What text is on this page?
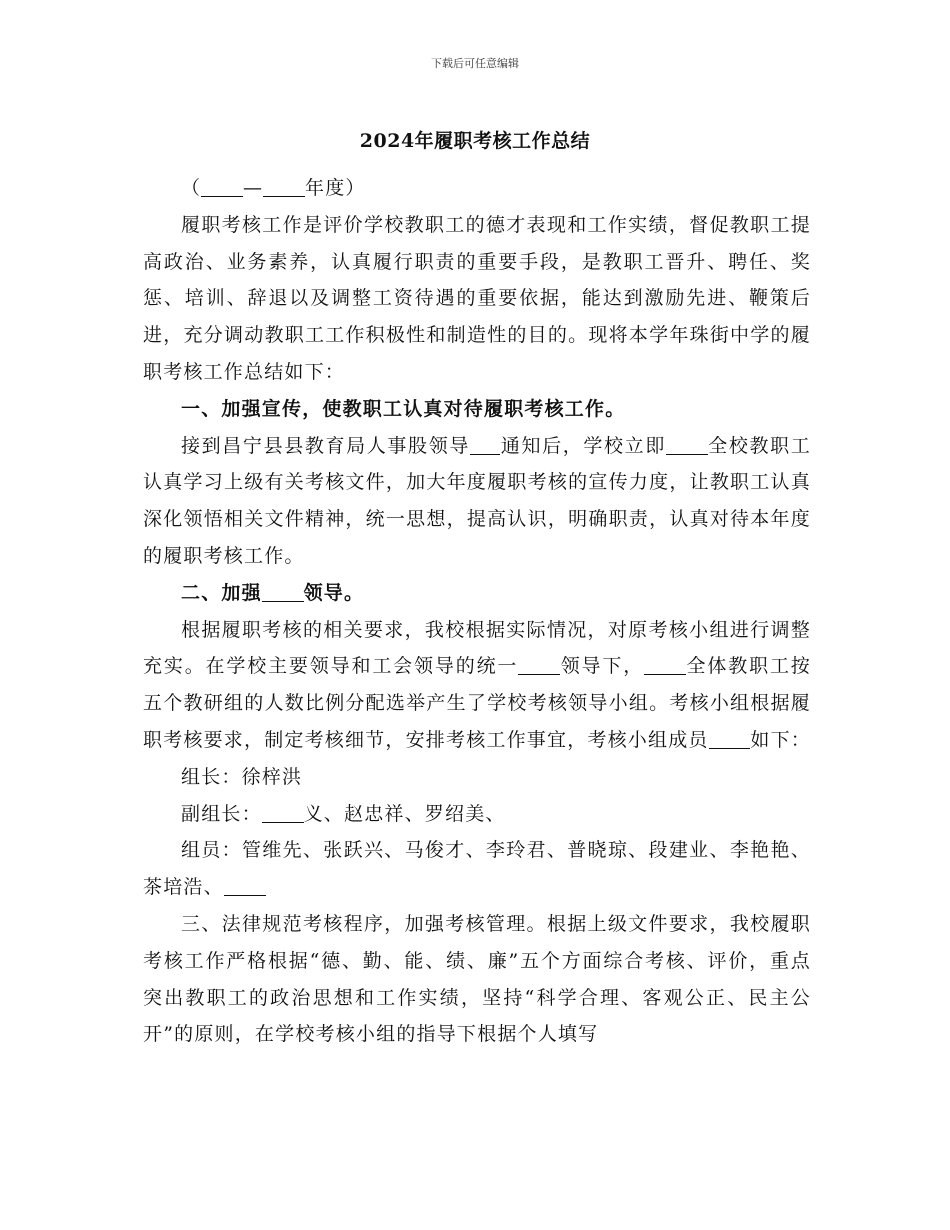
下载后可任意编辑
2024年履职考核工作总结

（ — 年度）

履职考核工作是评价学校教职工的德才表现和工作实绩，督促教职工提高政治、业务素养，认真履行职责的重要手段，是教职工晋升、聘任、奖惩、培训、辞退以及调整工资待遇的重要依据，能达到激励先进、鞭策后进，充分调动教职工工作积极性和制造性的目的。现将本学年珠街中学的履职考核工作总结如下：

一、加强宣传，使教职工认真对待履职考核工作。

接到昌宁县县教育局人事股领导 通知后，学校立即 全校教职工认真学习上级有关考核文件，加大年度履职考核的宣传力度，让教职工认真深化领悟相关文件精神，统一思想，提高认识，明确职责，认真对待本年度的履职考核工作。

二、加强 领导。

根据履职考核的相关要求，我校根据实际情况，对原考核小组进行调整充实。在学校主要领导和工会领导的统一 领导下， 全体教职工按五个教研组的人数比例分配选举产生了学校考核领导小组。考核小组根据履职考核要求，制定考核细节，安排考核工作事宜，考核小组成员 如下：

组长：徐梓洪

副组长： 义、赵忠祥、罗绍美、

组员：管维先、张跃兴、马俊才、李玲君、普晓琼、段建业、李艳艳、茶培浩、

三、法律规范考核程序，加强考核管理。根据上级文件要求，我校履职考核工作严格根据“德、勤、能、绩、廉”五个方面综合考核、评价，重点突出教职工的政治思想和工作实绩，坚持“科学合理、客观公正、民主公开”的原则，在学校考核小组的指导下根据个人填写
